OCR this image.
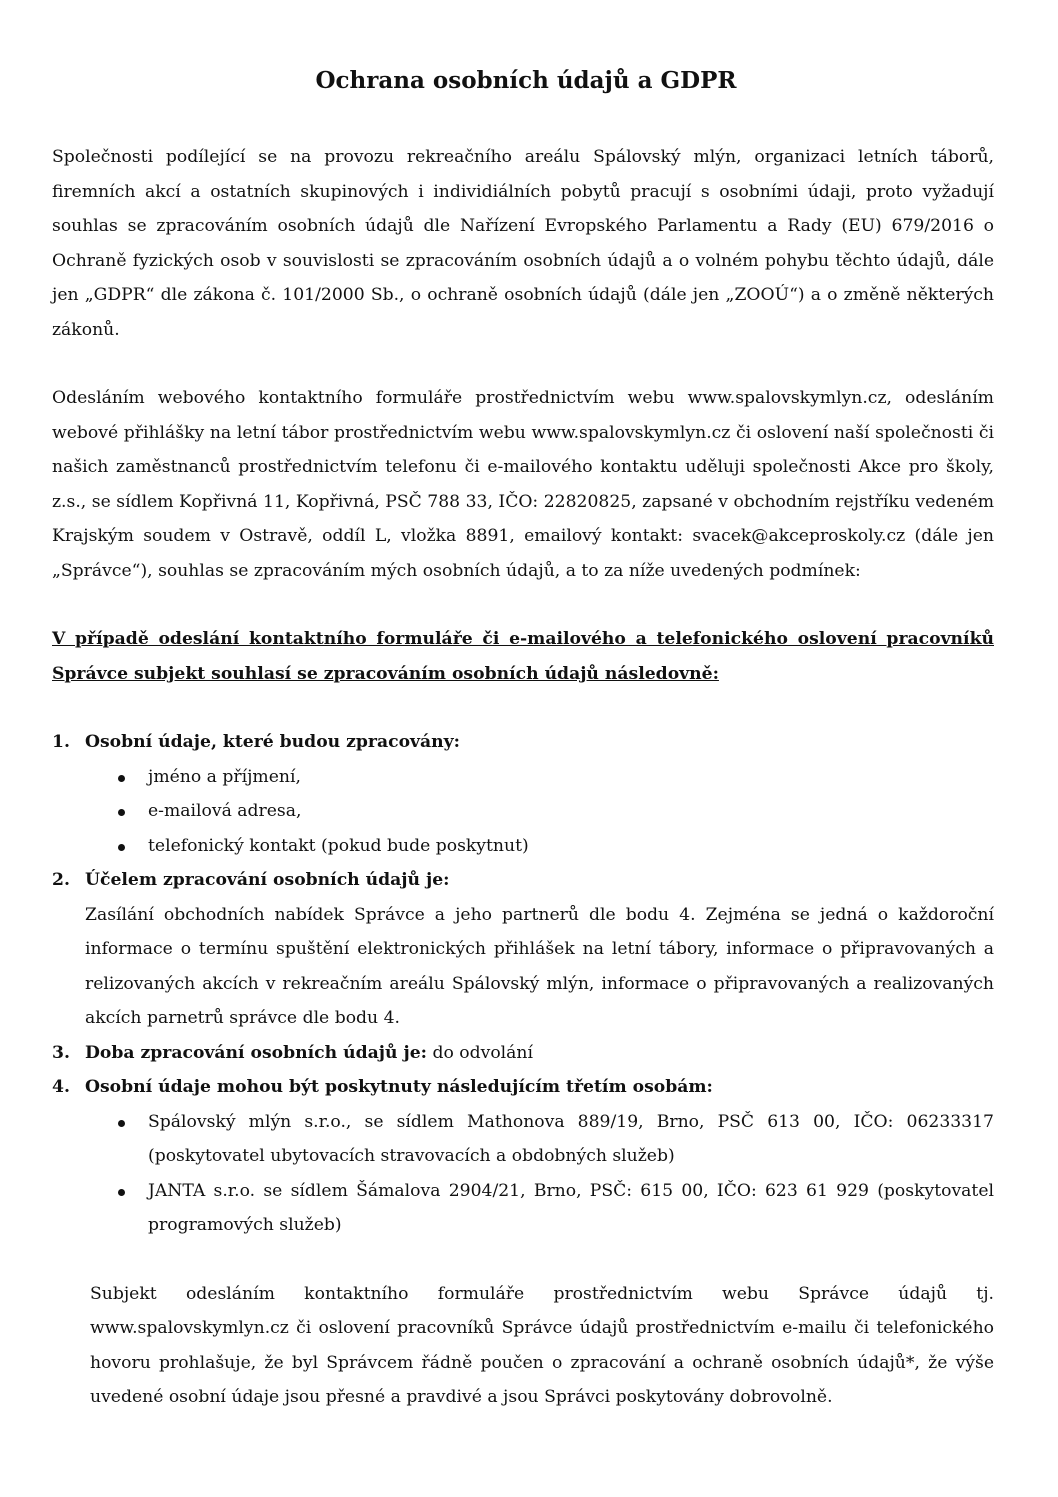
Ochrana osobních údajů a GDPR

Společnosti podílející se na provozu rekreačního areálu Spálovský mlýn, organizaci letních táborů, firemních akcí a ostatních skupinových i individiálních pobytů pracují s osobními údaji, proto vyžadují souhlas se zpracováním osobních údajů dle Nařízení Evropského Parlamentu a Rady (EU) 679/2016 o Ochraně fyzických osob v souvislosti se zpracováním osobních údajů a o volném pohybu těchto údajů, dále jen „GDPR“ dle zákona č. 101/2000 Sb., o ochraně osobních údajů (dále jen „ZOOÚ“) a o změně některých zákonů.

Odesláním webového kontaktního formuláře prostřednictvím webu www.spalovskymlyn.cz, odesláním webové přihlášky na letní tábor prostřednictvím webu www.spalovskymlyn.cz či oslovení naší společnosti či našich zaměstnanců prostřednictvím telefonu či e-mailového kontaktu uděluji společnosti Akce pro školy, z.s., se sídlem Kopřivná 11, Kopřivná, PSČ 788 33, IČO: 22820825, zapsané v obchodním rejstříku vedeném Krajským soudem v Ostravě, oddíl L, vložka 8891, emailový kontakt: svacek@akceproskoly.cz (dále jen „Správce“), souhlas se zpracováním mých osobních údajů, a to za níže uvedených podmínek:

V případě odeslání kontaktního formuláře či e-mailového a telefonického oslovení pracovníků Správce subjekt souhlasí se zpracováním osobních údajů následovně:

1. Osobní údaje, které budou zpracovány:
jméno a příjmení,
e-mailová adresa,
telefonický kontakt (pokud bude poskytnut)
2. Účelem zpracování osobních údajů je:

Zasílání obchodních nabídek Správce a jeho partnerů dle bodu 4. Zejména se jedná o každoroční informace o termínu spuštění elektronických přihlášek na letní tábory, informace o připravovaných a relizovaných akcích v rekreačním areálu Spálovský mlýn, informace o připravovaných a realizovaných akcích parnetrů správce dle bodu 4.

3. Doba zpracování osobních údajů je: do odvolání
4. Osobní údaje mohou být poskytnuty následujícím třetím osobám:
Spálovský mlýn s.r.o., se sídlem Mathonova 889/19, Brno, PSČ 613 00, IČO: 06233317 (poskytovatel ubytovacích stravovacích a obdobných služeb)
JANTA s.r.o. se sídlem Šámalova 2904/21, Brno, PSČ: 615 00, IČO: 623 61 929 (poskytovatel programových služeb)

Subjekt odesláním kontaktního formuláře prostřednictvím webu Správce údajů tj. www.spalovskymlyn.cz či oslovení pracovníků Správce údajů prostřednictvím e-mailu či telefonického hovoru prohlašuje, že byl Správcem řádně poučen o zpracování a ochraně osobních údajů*, že výše uvedené osobní údaje jsou přesné a pravdivé a jsou Správci poskytovány dobrovolně.
